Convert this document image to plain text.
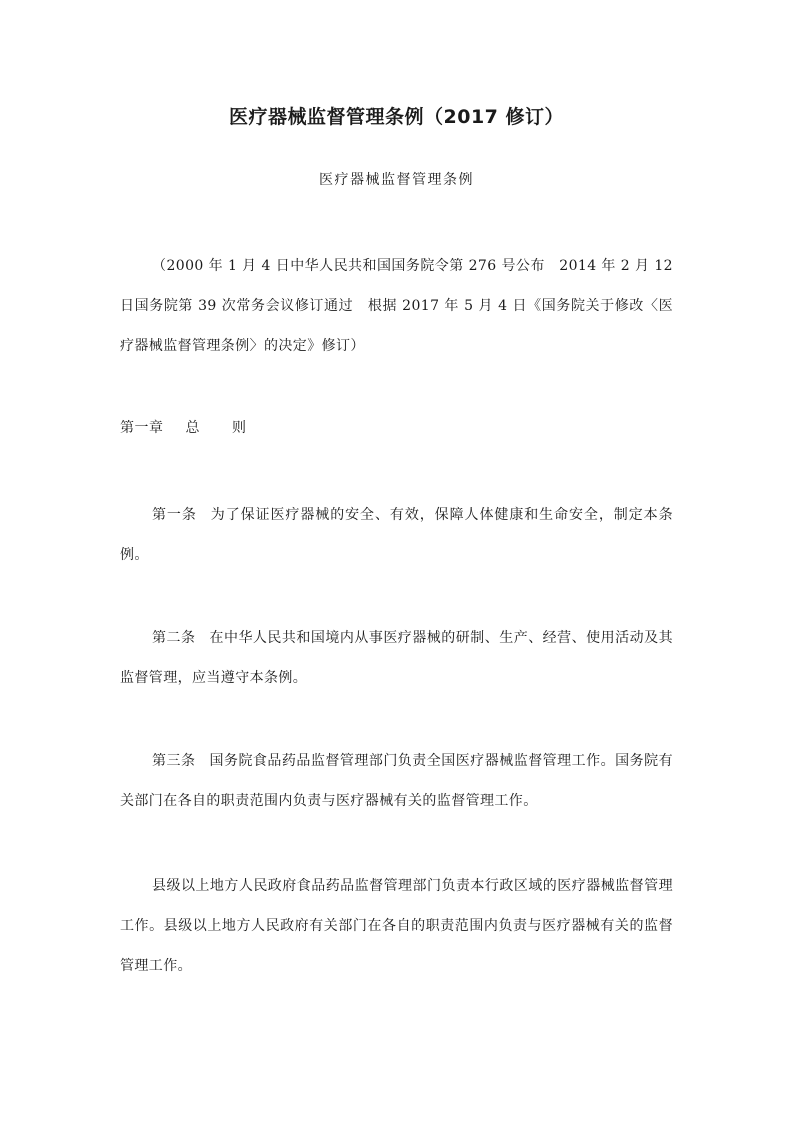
医疗器械监督管理条例（2017 修订）
医疗器械监督管理条例
（2000 年 1 月 4 日中华人民共和国国务院令第 276 号公布　2014 年 2 月 12 日国务院第 39 次常务会议修订通过　根据 2017 年 5 月 4 日《国务院关于修改〈医疗器械监督管理条例〉的决定》修订）
第一章 总 则
第一条 为了保证医疗器械的安全、有效，保障人体健康和生命安全，制定本条例。
第二条 在中华人民共和国境内从事医疗器械的研制、生产、经营、使用活动及其监督管理，应当遵守本条例。
第三条 国务院食品药品监督管理部门负责全国医疗器械监督管理工作。国务院有关部门在各自的职责范围内负责与医疗器械有关的监督管理工作。
县级以上地方人民政府食品药品监督管理部门负责本行政区域的医疗器械监督管理工作。县级以上地方人民政府有关部门在各自的职责范围内负责与医疗器械有关的监督管理工作。
